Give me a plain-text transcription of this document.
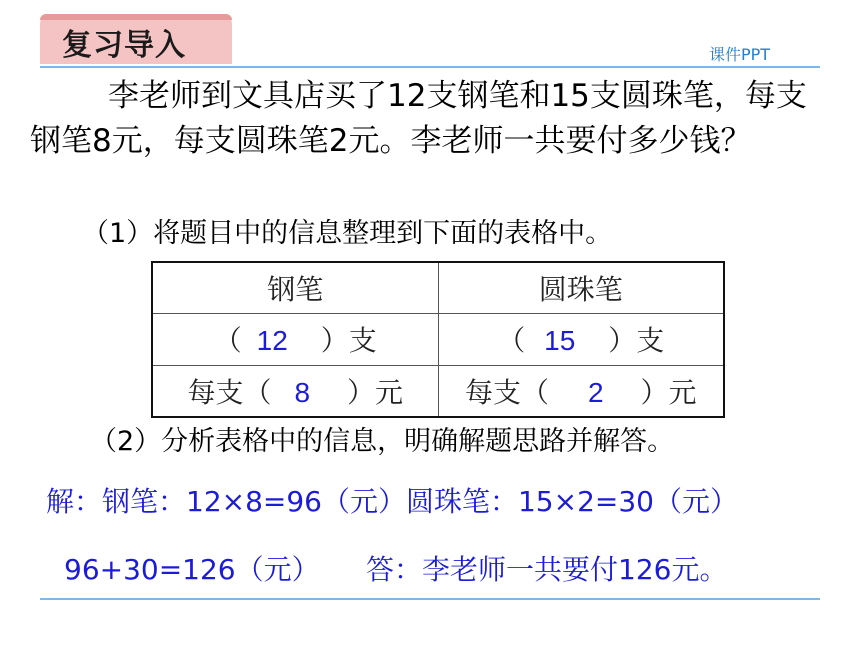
复习导入	课件PPT

李老师到文具店买了12支钢笔和15支圆珠笔，每支钢笔8元，每支圆珠笔2元。李老师一共要付多少钱？

（1）将题目中的信息整理到下面的表格中。
钢笔	圆珠笔
（ 12 ）支	（ 15 ）支
每支（ 8 ）元	每支（ 2 ）元
（2）分析表格中的信息，明确解题思路并解答。
解：钢笔：12×8=96（元）圆珠笔：15×2=30（元）
96+30=126（元） 答：李老师一共要付126元。
